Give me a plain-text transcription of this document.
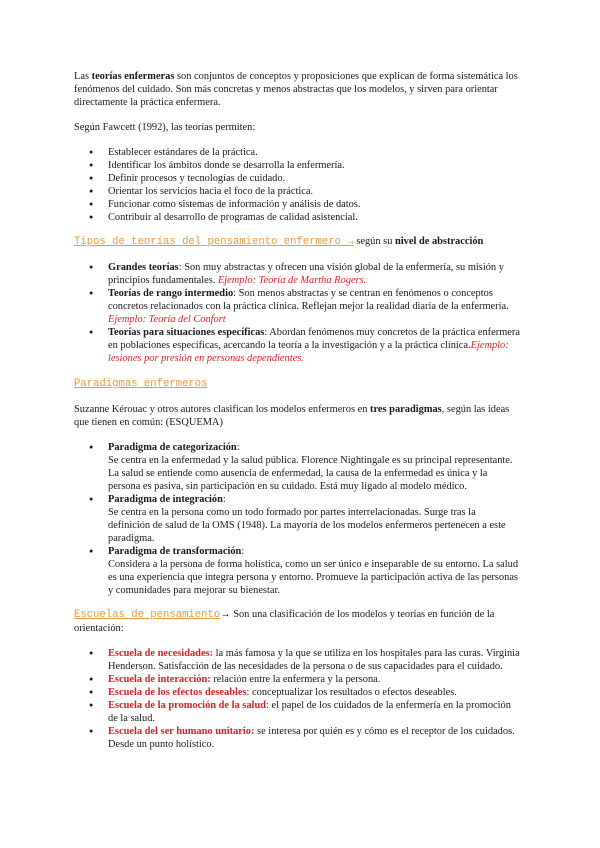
Las teorías enfermeras son conjuntos de conceptos y proposiciones que explican de forma sistemática los fenómenos del cuidado. Son más concretas y menos abstractas que los modelos, y sirven para orientar directamente la práctica enfermera.

Según Fawcett (1992), las teorías permiten:

● Establecer estándares de la práctica.
● Identificar los ámbitos donde se desarrolla la enfermería.
● Definir procesos y tecnologías de cuidado.
● Orientar los servicios hacia el foco de la práctica.
● Funcionar como sistemas de información y análisis de datos.
● Contribuir al desarrollo de programas de calidad asistencial.

Tipos de teorías del pensamiento enfermero → según su nivel de abstracción

● Grandes teorías: Son muy abstractas y ofrecen una visión global de la enfermería, su misión y principios fundamentales. Ejemplo: Teoría de Martha Rogers.
● Teorías de rango intermedio: Son menos abstractas y se centran en fenómenos o conceptos concretos relacionados con la práctica clínica. Reflejan mejor la realidad diaria de la enfermería. Ejemplo: Teoría del Confort
● Teorías para situaciones específicas: Abordan fenómenos muy concretos de la práctica enfermera en poblaciones específicas, acercando la teoría a la investigación y a la práctica clínica.Ejemplo: lesiones por presión en personas dependientes.

Paradigmas enfermeros

Suzanne Kérouac y otros autores clasifican los modelos enfermeros en tres paradigmas, según las ideas que tienen en común: (ESQUEMA)

● Paradigma de categorización:
Se centra en la enfermedad y la salud pública. Florence Nightingale es su principal representante. La salud se entiende como ausencia de enfermedad, la causa de la enfermedad es única y la persona es pasiva, sin participación en su cuidado. Está muy ligado al modelo médico.
● Paradigma de integración:
Se centra en la persona como un todo formado por partes interrelacionadas. Surge tras la definición de salud de la OMS (1948). La mayoría de los modelos enfermeros pertenecen a este paradigma.
● Paradigma de transformación:
Considera a la persona de forma holística, como un ser único e inseparable de su entorno. La salud es una experiencia que integra persona y entorno. Promueve la participación activa de las personas y comunidades para mejorar su bienestar.

Escuelas de pensamiento→ Son una clasificación de los modelos y teorías en función de la orientación:

● Escuela de necesidades: la más famosa y la que se utiliza en los hospitales para las curas. Virginia Henderson. Satisfacción de las necesidades de la persona o de sus capacidades para el cuidado.
● Escuela de interacción: relación entre la enfermera y la persona.
● Escuela de los efectos deseables: conceptualizar los resultados o efectos deseables.
● Escuela de la promoción de la salud: el papel de los cuidados de la enfermería en la promoción de la salud.
● Escuela del ser humano unitario: se interesa por quién es y cómo es el receptor de los cuidados. Desde un punto holístico.
